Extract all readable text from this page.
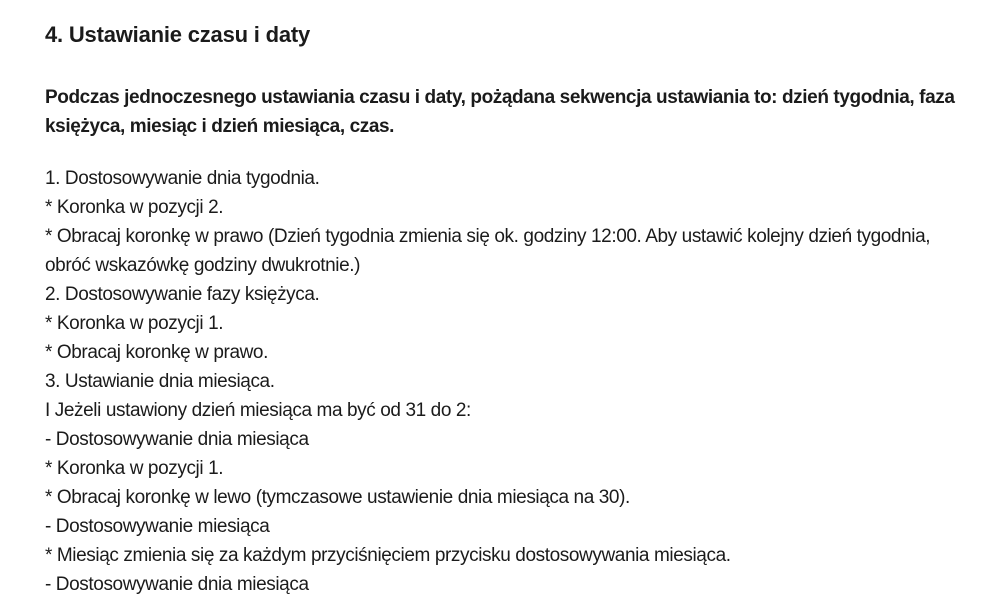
4. Ustawianie czasu i daty

Podczas jednoczesnego ustawiania czasu i daty, pożądana sekwencja ustawiania to: dzień tygodnia, faza księżyca, miesiąc i dzień miesiąca, czas.

1. Dostosowywanie dnia tygodnia.

* Koronka w pozycji 2.

* Obracaj koronkę w prawo (Dzień tygodnia zmienia się ok. godziny 12:00. Aby ustawić kolejny dzień tygodnia, obróć wskazówkę godziny dwukrotnie.)

2. Dostosowywanie fazy księżyca.

* Koronka w pozycji 1.

* Obracaj koronkę w prawo.

3. Ustawianie dnia miesiąca.

I Jeżeli ustawiony dzień miesiąca ma być od 31 do 2:

- Dostosowywanie dnia miesiąca

* Koronka w pozycji 1.

* Obracaj koronkę w lewo (tymczasowe ustawienie dnia miesiąca na 30).

- Dostosowywanie miesiąca

* Miesiąc zmienia się za każdym przyciśnięciem przycisku dostosowywania miesiąca.

- Dostosowywanie dnia miesiąca
